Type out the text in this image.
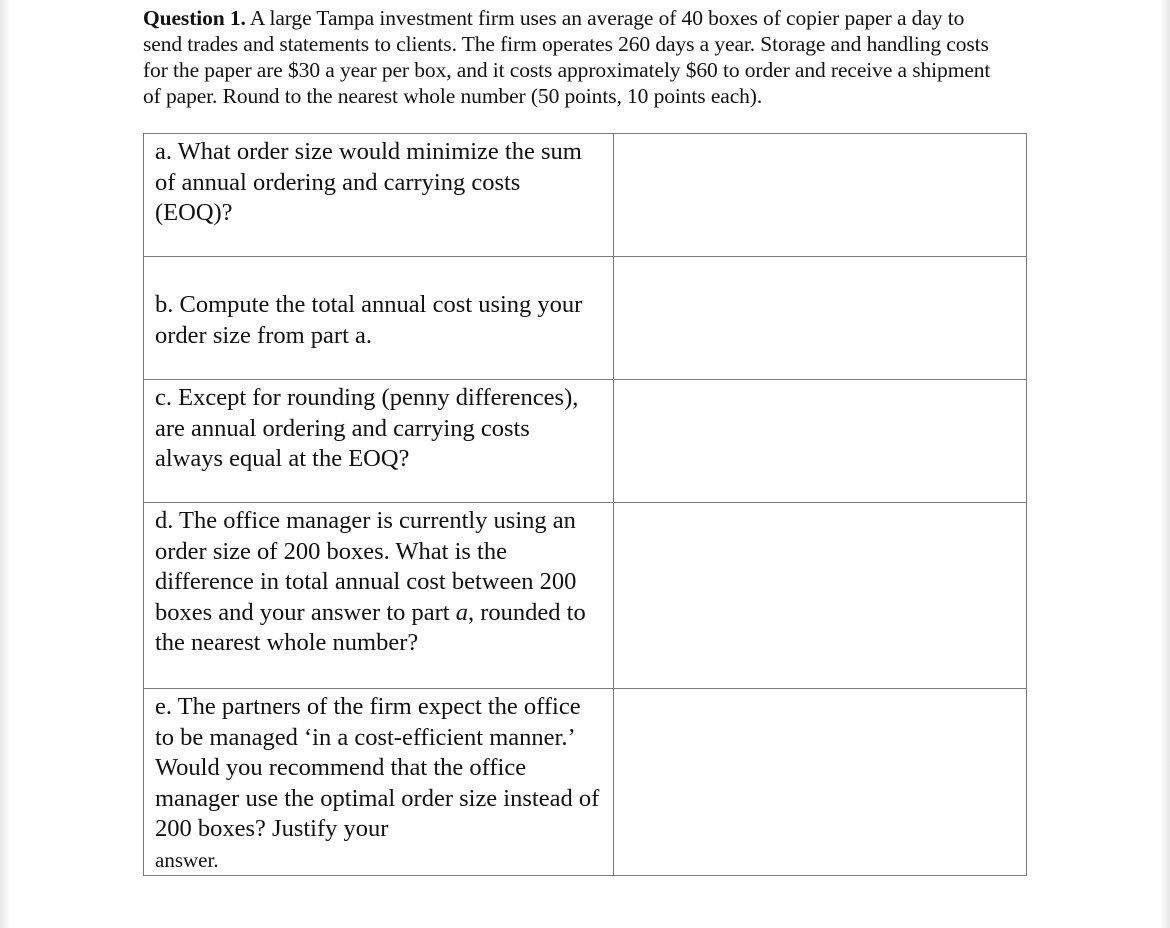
Question 1. A large Tampa investment firm uses an average of 40 boxes of copier paper a day to send trades and statements to clients. The firm operates 260 days a year. Storage and handling costs for the paper are $30 a year per box, and it costs approximately $60 to order and receive a shipment of paper. Round to the nearest whole number (50 points, 10 points each).

a. What order size would minimize the sum of annual ordering and carrying costs (EOQ)?	
b. Compute the total annual cost using your order size from part a.	
c. Except for rounding (penny differences), are annual ordering and carrying costs always equal at the EOQ?	
d. The office manager is currently using an order size of 200 boxes. What is the difference in total annual cost between 200 boxes and your answer to part a, rounded to the nearest whole number?	
e. The partners of the firm expect the office to be managed ‘in a cost-efficient manner.’ Would you recommend that the office manager use the optimal order size instead of 200 boxes? Justify your
answer.	
